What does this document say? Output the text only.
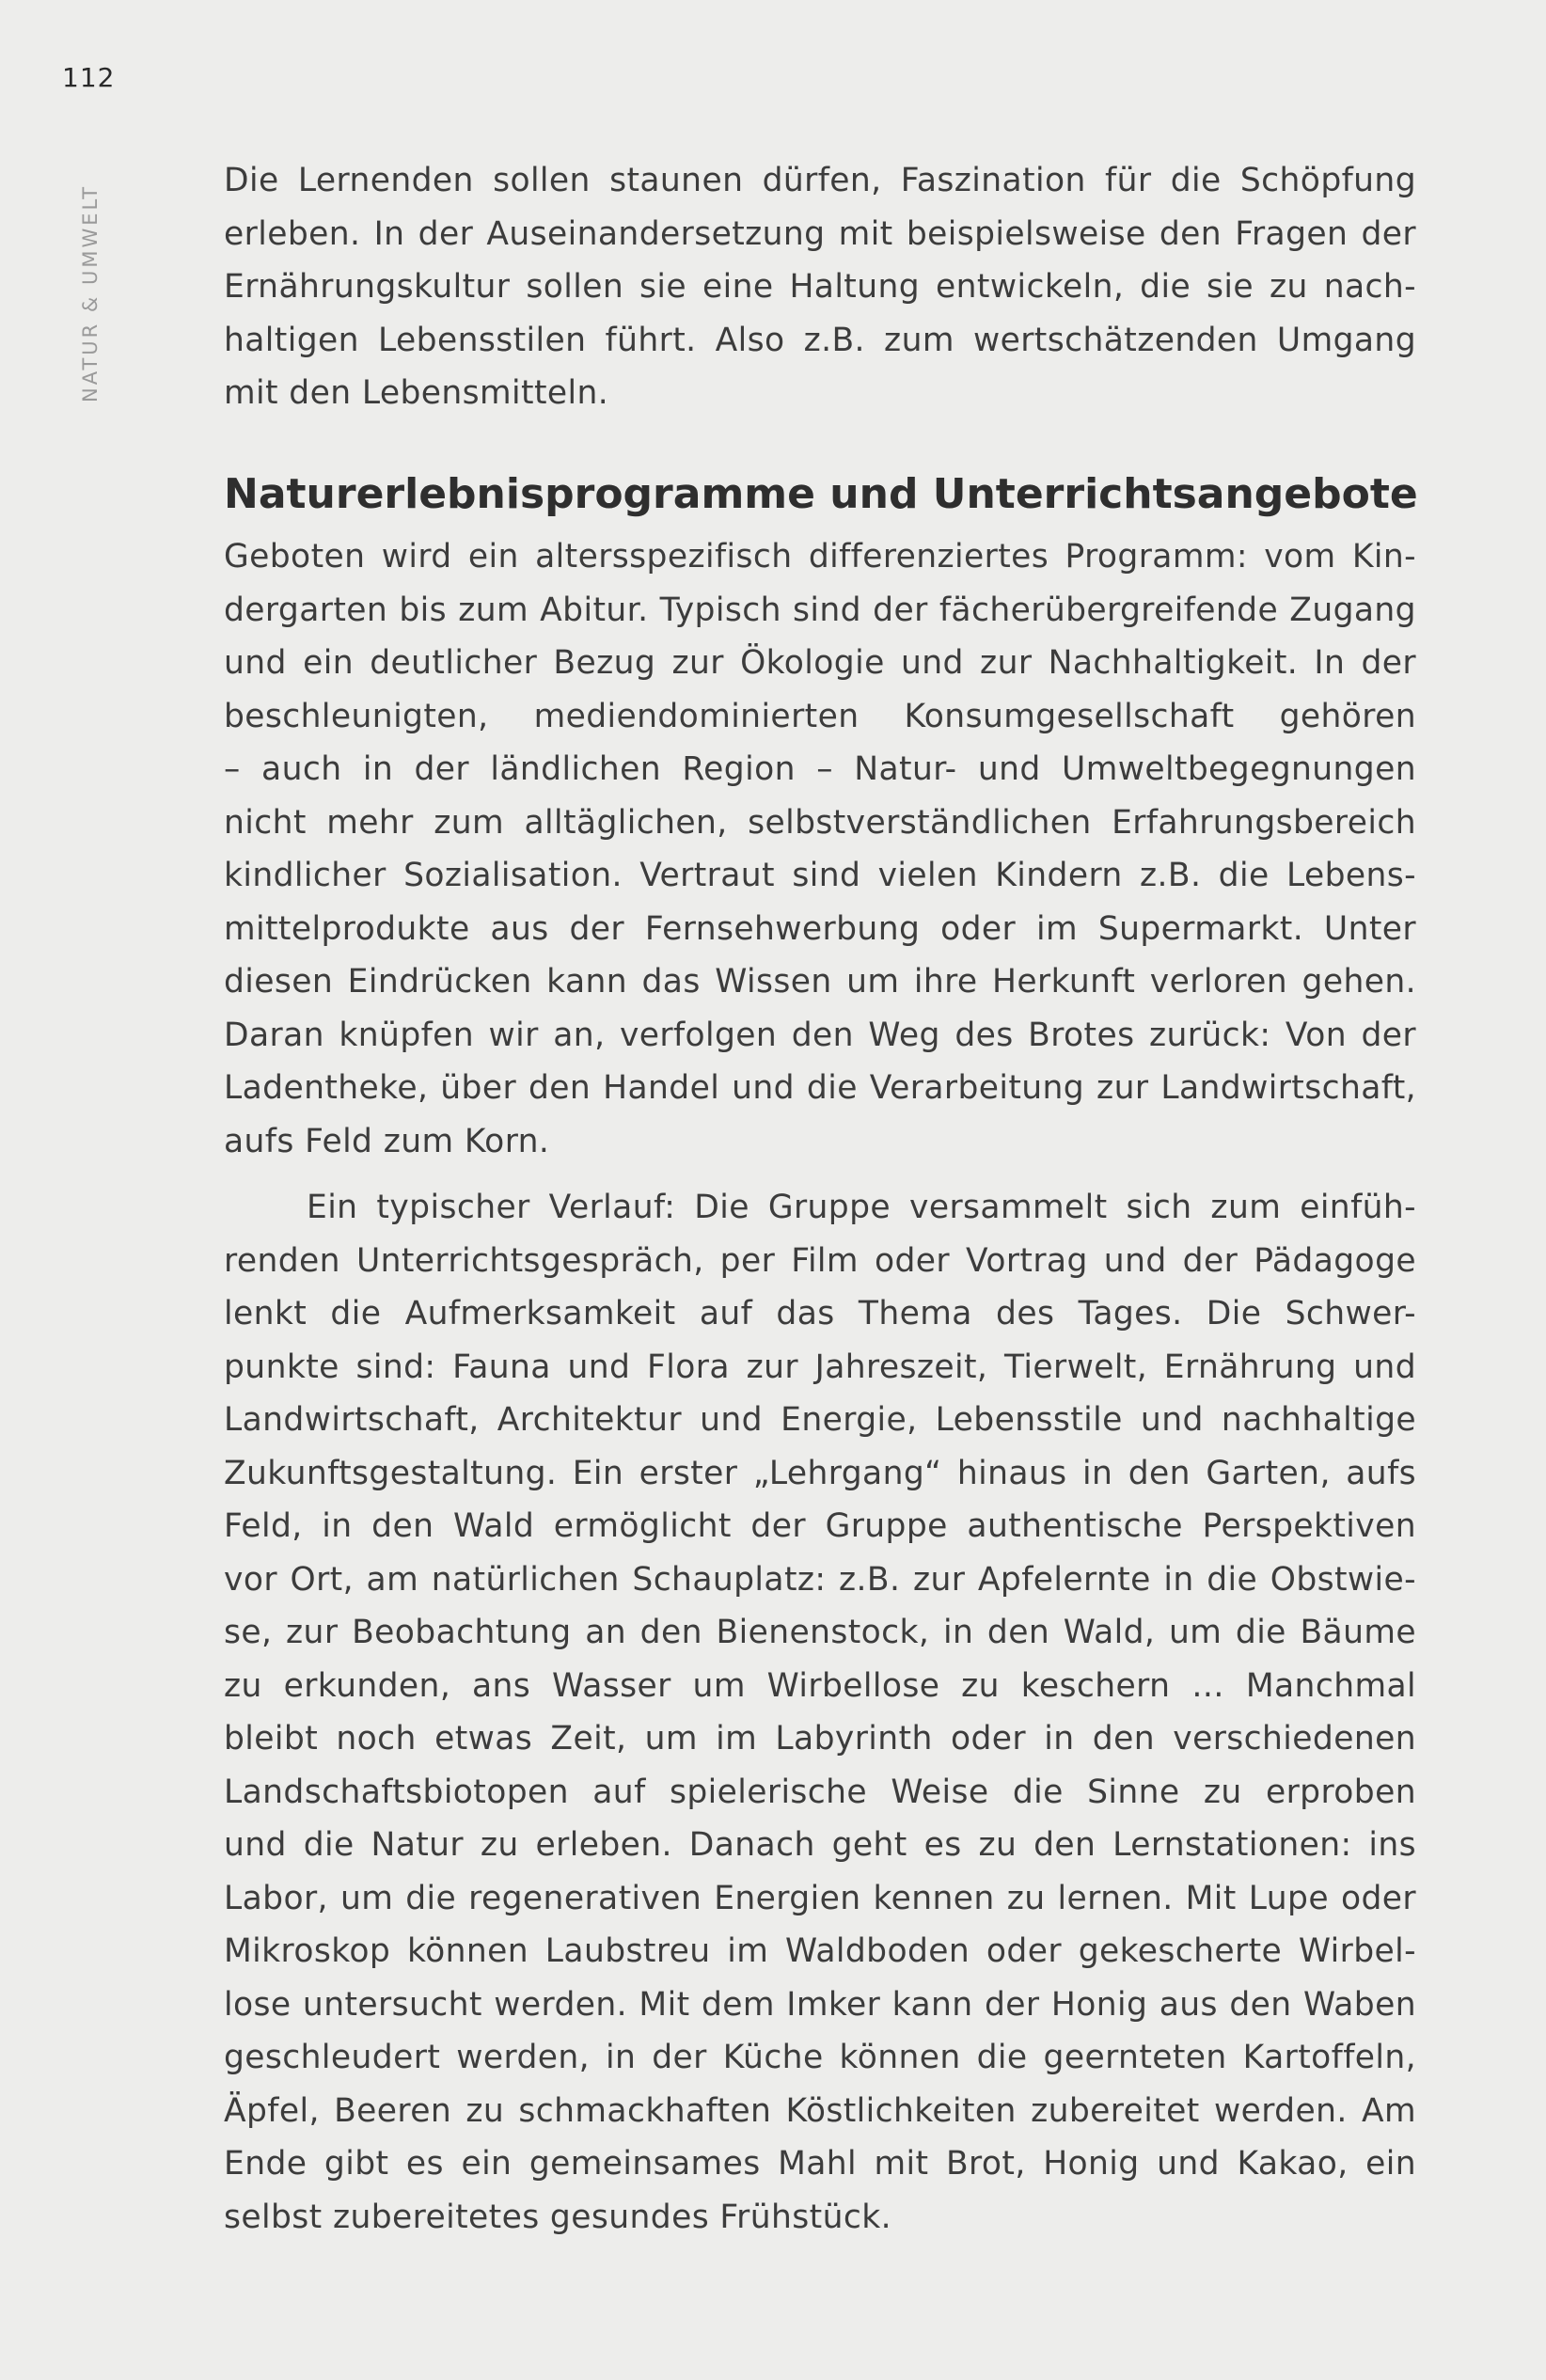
112
NATUR & UMWELT
Die Lernenden sollen staunen dürfen, Faszination für die Schöpfung
erleben. In der Auseinandersetzung mit beispielsweise den Fragen der
Ernährungskultur sollen sie eine Haltung entwickeln, die sie zu nach-
haltigen Lebensstilen führt. Also z.B. zum wertschätzenden Umgang
mit den Lebensmitteln.
Naturerlebnisprogramme und Unterrichtsangebote
Geboten wird ein altersspezifisch differenziertes Programm: vom Kin-
dergarten bis zum Abitur. Typisch sind der fächerübergreifende Zugang
und ein deutlicher Bezug zur Ökologie und zur Nachhaltigkeit. In der
beschleunigten, mediendominierten Konsumgesellschaft gehören
– auch in der ländlichen Region – Natur- und Umweltbegegnungen
nicht mehr zum alltäglichen, selbstverständlichen Erfahrungsbereich
kindlicher Sozialisation. Vertraut sind vielen Kindern z.B. die Lebens-
mittelprodukte aus der Fernsehwerbung oder im Supermarkt. Unter
diesen Eindrücken kann das Wissen um ihre Herkunft verloren gehen.
Daran knüpfen wir an, verfolgen den Weg des Brotes zurück: Von der
Ladentheke, über den Handel und die Verarbeitung zur Landwirtschaft,
aufs Feld zum Korn.
Ein typischer Verlauf: Die Gruppe versammelt sich zum einfüh-
renden Unterrichtsgespräch, per Film oder Vortrag und der Pädagoge
lenkt die Aufmerksamkeit auf das Thema des Tages. Die Schwer-
punkte sind: Fauna und Flora zur Jahreszeit, Tierwelt, Ernährung und
Landwirtschaft, Architektur und Energie, Lebensstile und nachhaltige
Zukunftsgestaltung. Ein erster „Lehrgang“ hinaus in den Garten, aufs
Feld, in den Wald ermöglicht der Gruppe authentische Perspektiven
vor Ort, am natürlichen Schauplatz: z.B. zur Apfelernte in die Obstwie-
se, zur Beobachtung an den Bienenstock, in den Wald, um die Bäume
zu erkunden, ans Wasser um Wirbellose zu keschern … Manchmal
bleibt noch etwas Zeit, um im Labyrinth oder in den verschiedenen
Landschaftsbiotopen auf spielerische Weise die Sinne zu erproben
und die Natur zu erleben. Danach geht es zu den Lernstationen: ins
Labor, um die regenerativen Energien kennen zu lernen. Mit Lupe oder
Mikroskop können Laubstreu im Waldboden oder gekescherte Wirbel-
lose untersucht werden. Mit dem Imker kann der Honig aus den Waben
geschleudert werden, in der Küche können die geernteten Kartoffeln,
Äpfel, Beeren zu schmackhaften Köstlichkeiten zubereitet werden. Am
Ende gibt es ein gemeinsames Mahl mit Brot, Honig und Kakao, ein
selbst zubereitetes gesundes Frühstück.
